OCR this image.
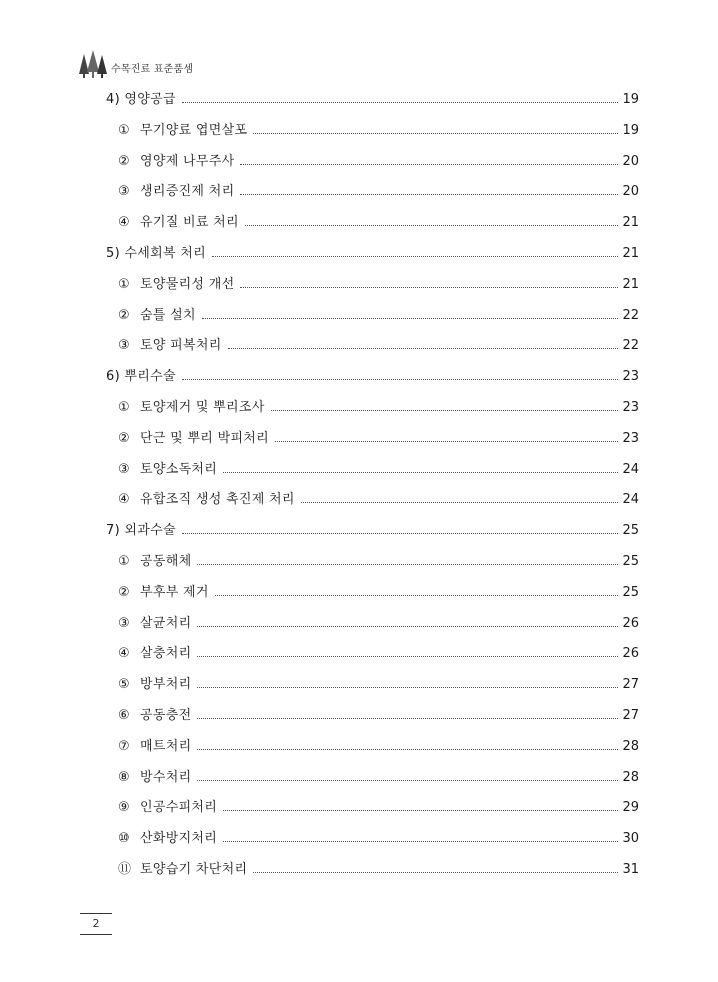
수목진료 표준품셈
4) 영양공급	19
① 무기양료 엽면살포	19
② 영양제 나무주사	20
③ 생리증진제 처리	20
④ 유기질 비료 처리	21
5) 수세회복 처리	21
① 토양물리성 개선	21
② 숨틀 설치	22
③ 토양 피복처리	22
6) 뿌리수술	23
① 토양제거 및 뿌리조사	23
② 단근 및 뿌리 박피처리	23
③ 토양소독처리	24
④ 유합조직 생성 촉진제 처리	24
7) 외과수술	25
① 공동해체	25
② 부후부 제거	25
③ 살균처리	26
④ 살충처리	26
⑤ 방부처리	27
⑥ 공동충전	27
⑦ 매트처리	28
⑧ 방수처리	28
⑨ 인공수피처리	29
⑩ 산화방지처리	30
⑪ 토양습기 차단처리	31
2
